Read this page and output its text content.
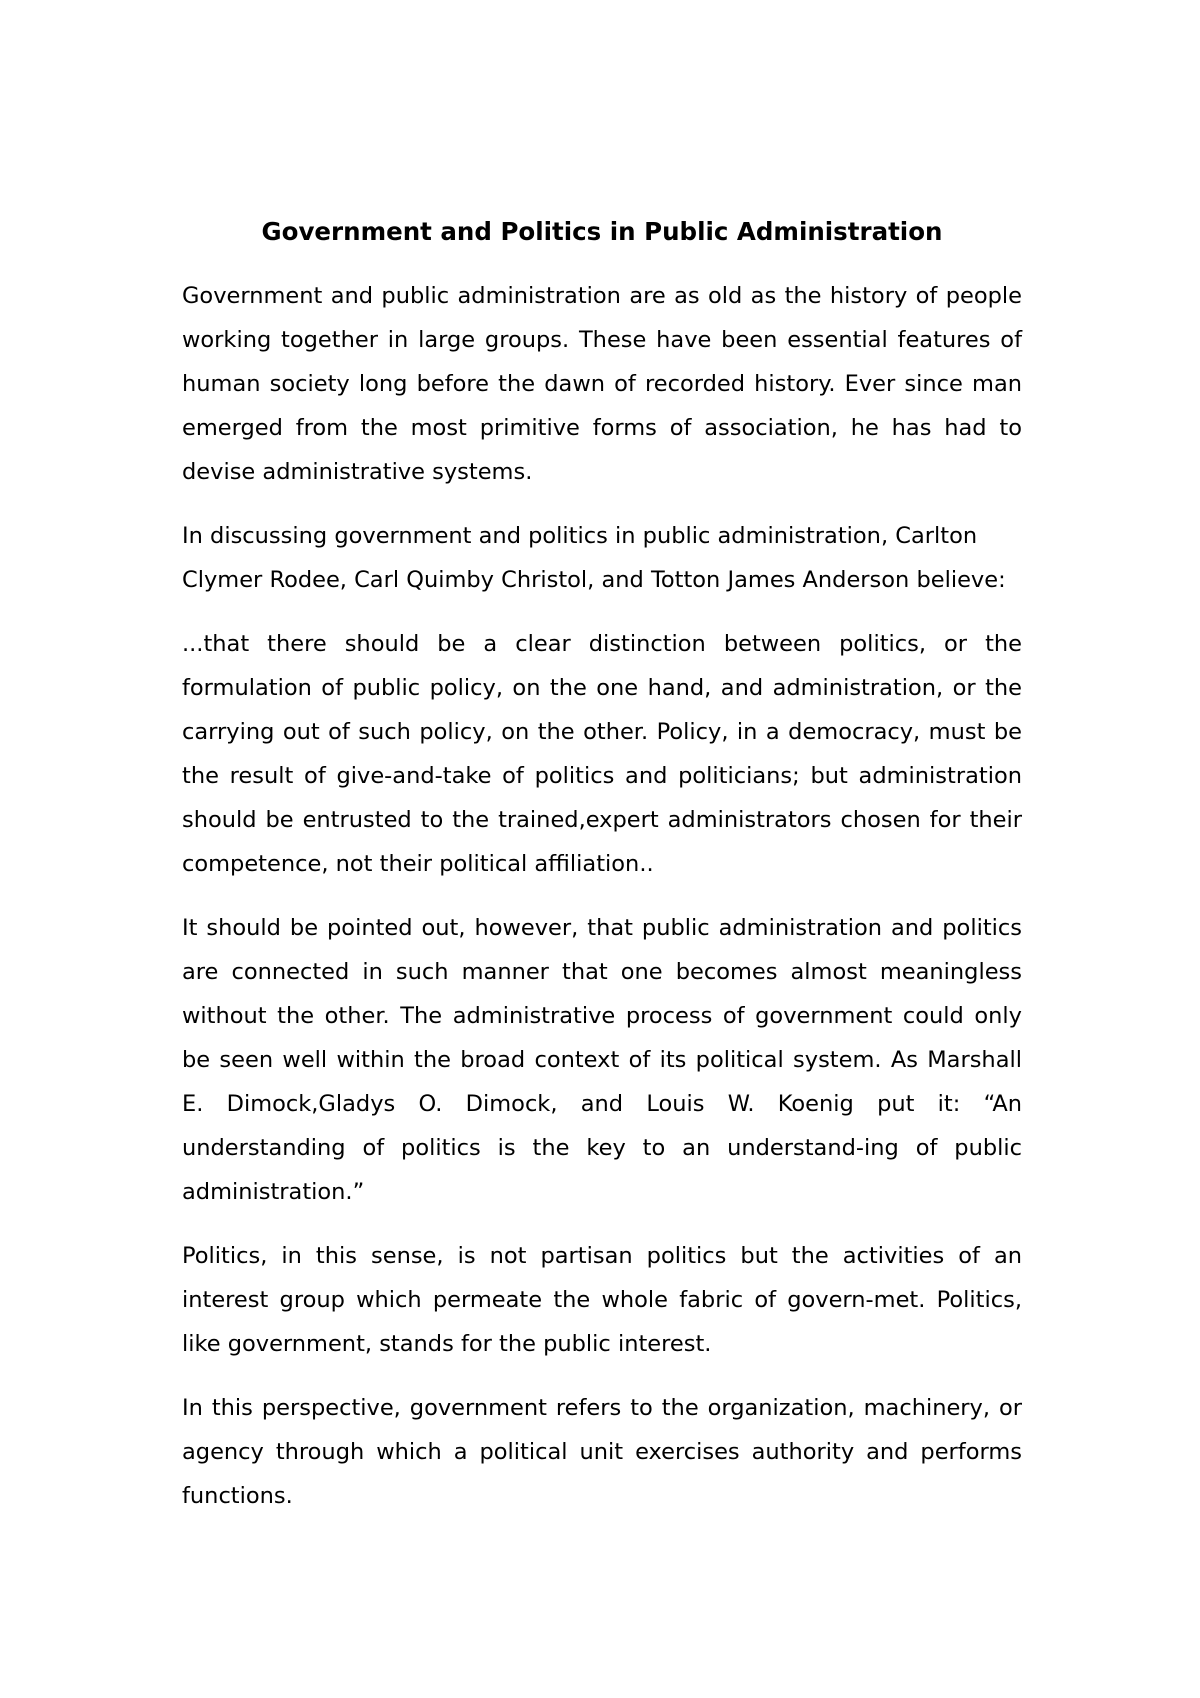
Government and Politics in Public Administration

Government and public administration are as old as the history of people working together in large groups. These have been essential features of human society long before the dawn of recorded history. Ever since man emerged from the most primitive forms of association, he has had to devise administrative systems.

In discussing government and politics in public administration, Carlton Clymer Rodee, Carl Quimby Christol, and Totton James Anderson believe:

...that there should be a clear distinction between politics, or the formulation of public policy, on the one hand, and administration, or the carrying out of such policy, on the other. Policy, in a democracy, must be the result of give-and-take of politics and politicians; but administration should be entrusted to the trained,expert administrators chosen for their competence, not their political affiliation..

It should be pointed out, however, that public administration and politics are connected in such manner that one becomes almost meaningless without the other. The administrative process of government could only be seen well within the broad context of its political system. As Marshall E. Dimock,Gladys O. Dimock, and Louis W. Koenig put it: “An understanding of politics is the key to an understand-ing of public administration.”

Politics, in this sense, is not partisan politics but the activities of an interest group which permeate the whole fabric of govern-met. Politics, like government, stands for the public interest.

In this perspective, government refers to the organization, machinery, or agency through which a political unit exercises authority and performs functions.
